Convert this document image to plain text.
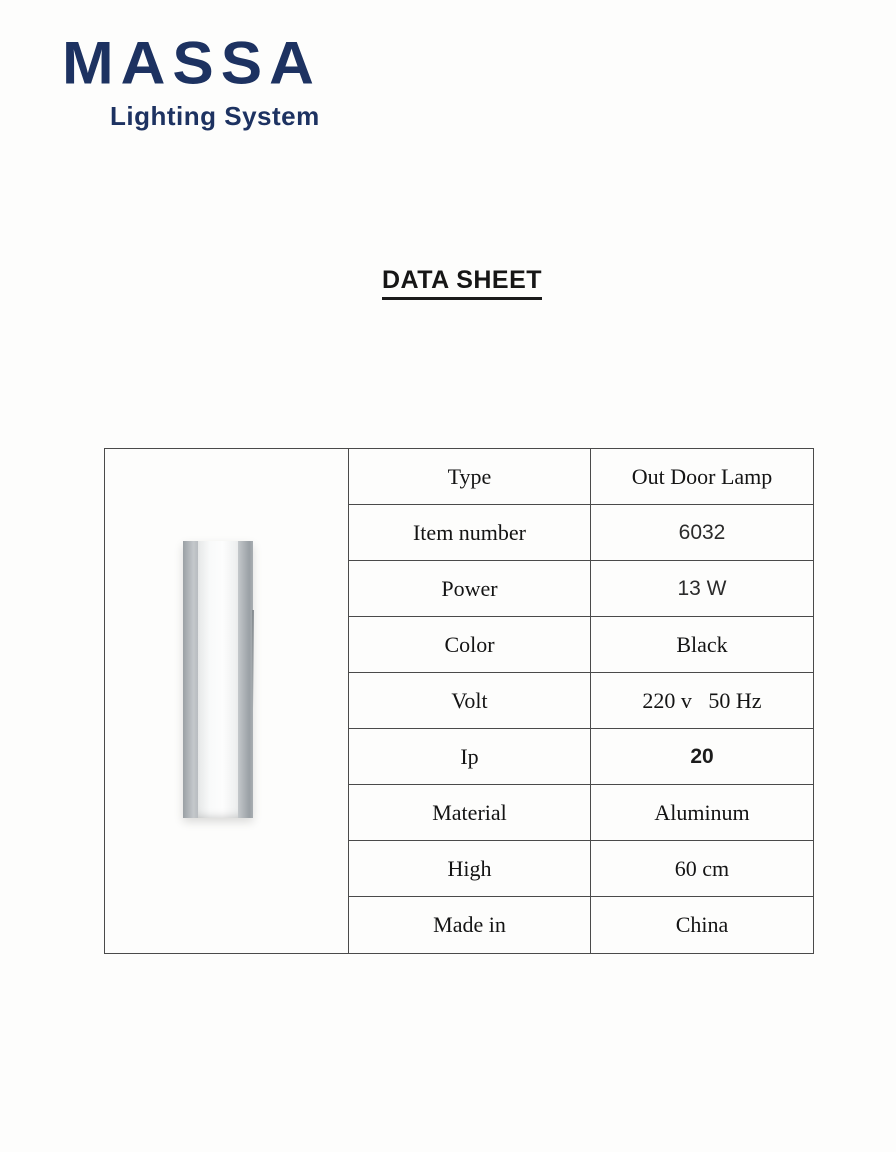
MASSA
Lighting System
DATA SHEET
Type	Out Door Lamp
Item number	6032
Power	13 W
Color	Black
Volt	220 v   50 Hz
Ip	20
Material	Aluminum
High	60 cm
Made in	China
